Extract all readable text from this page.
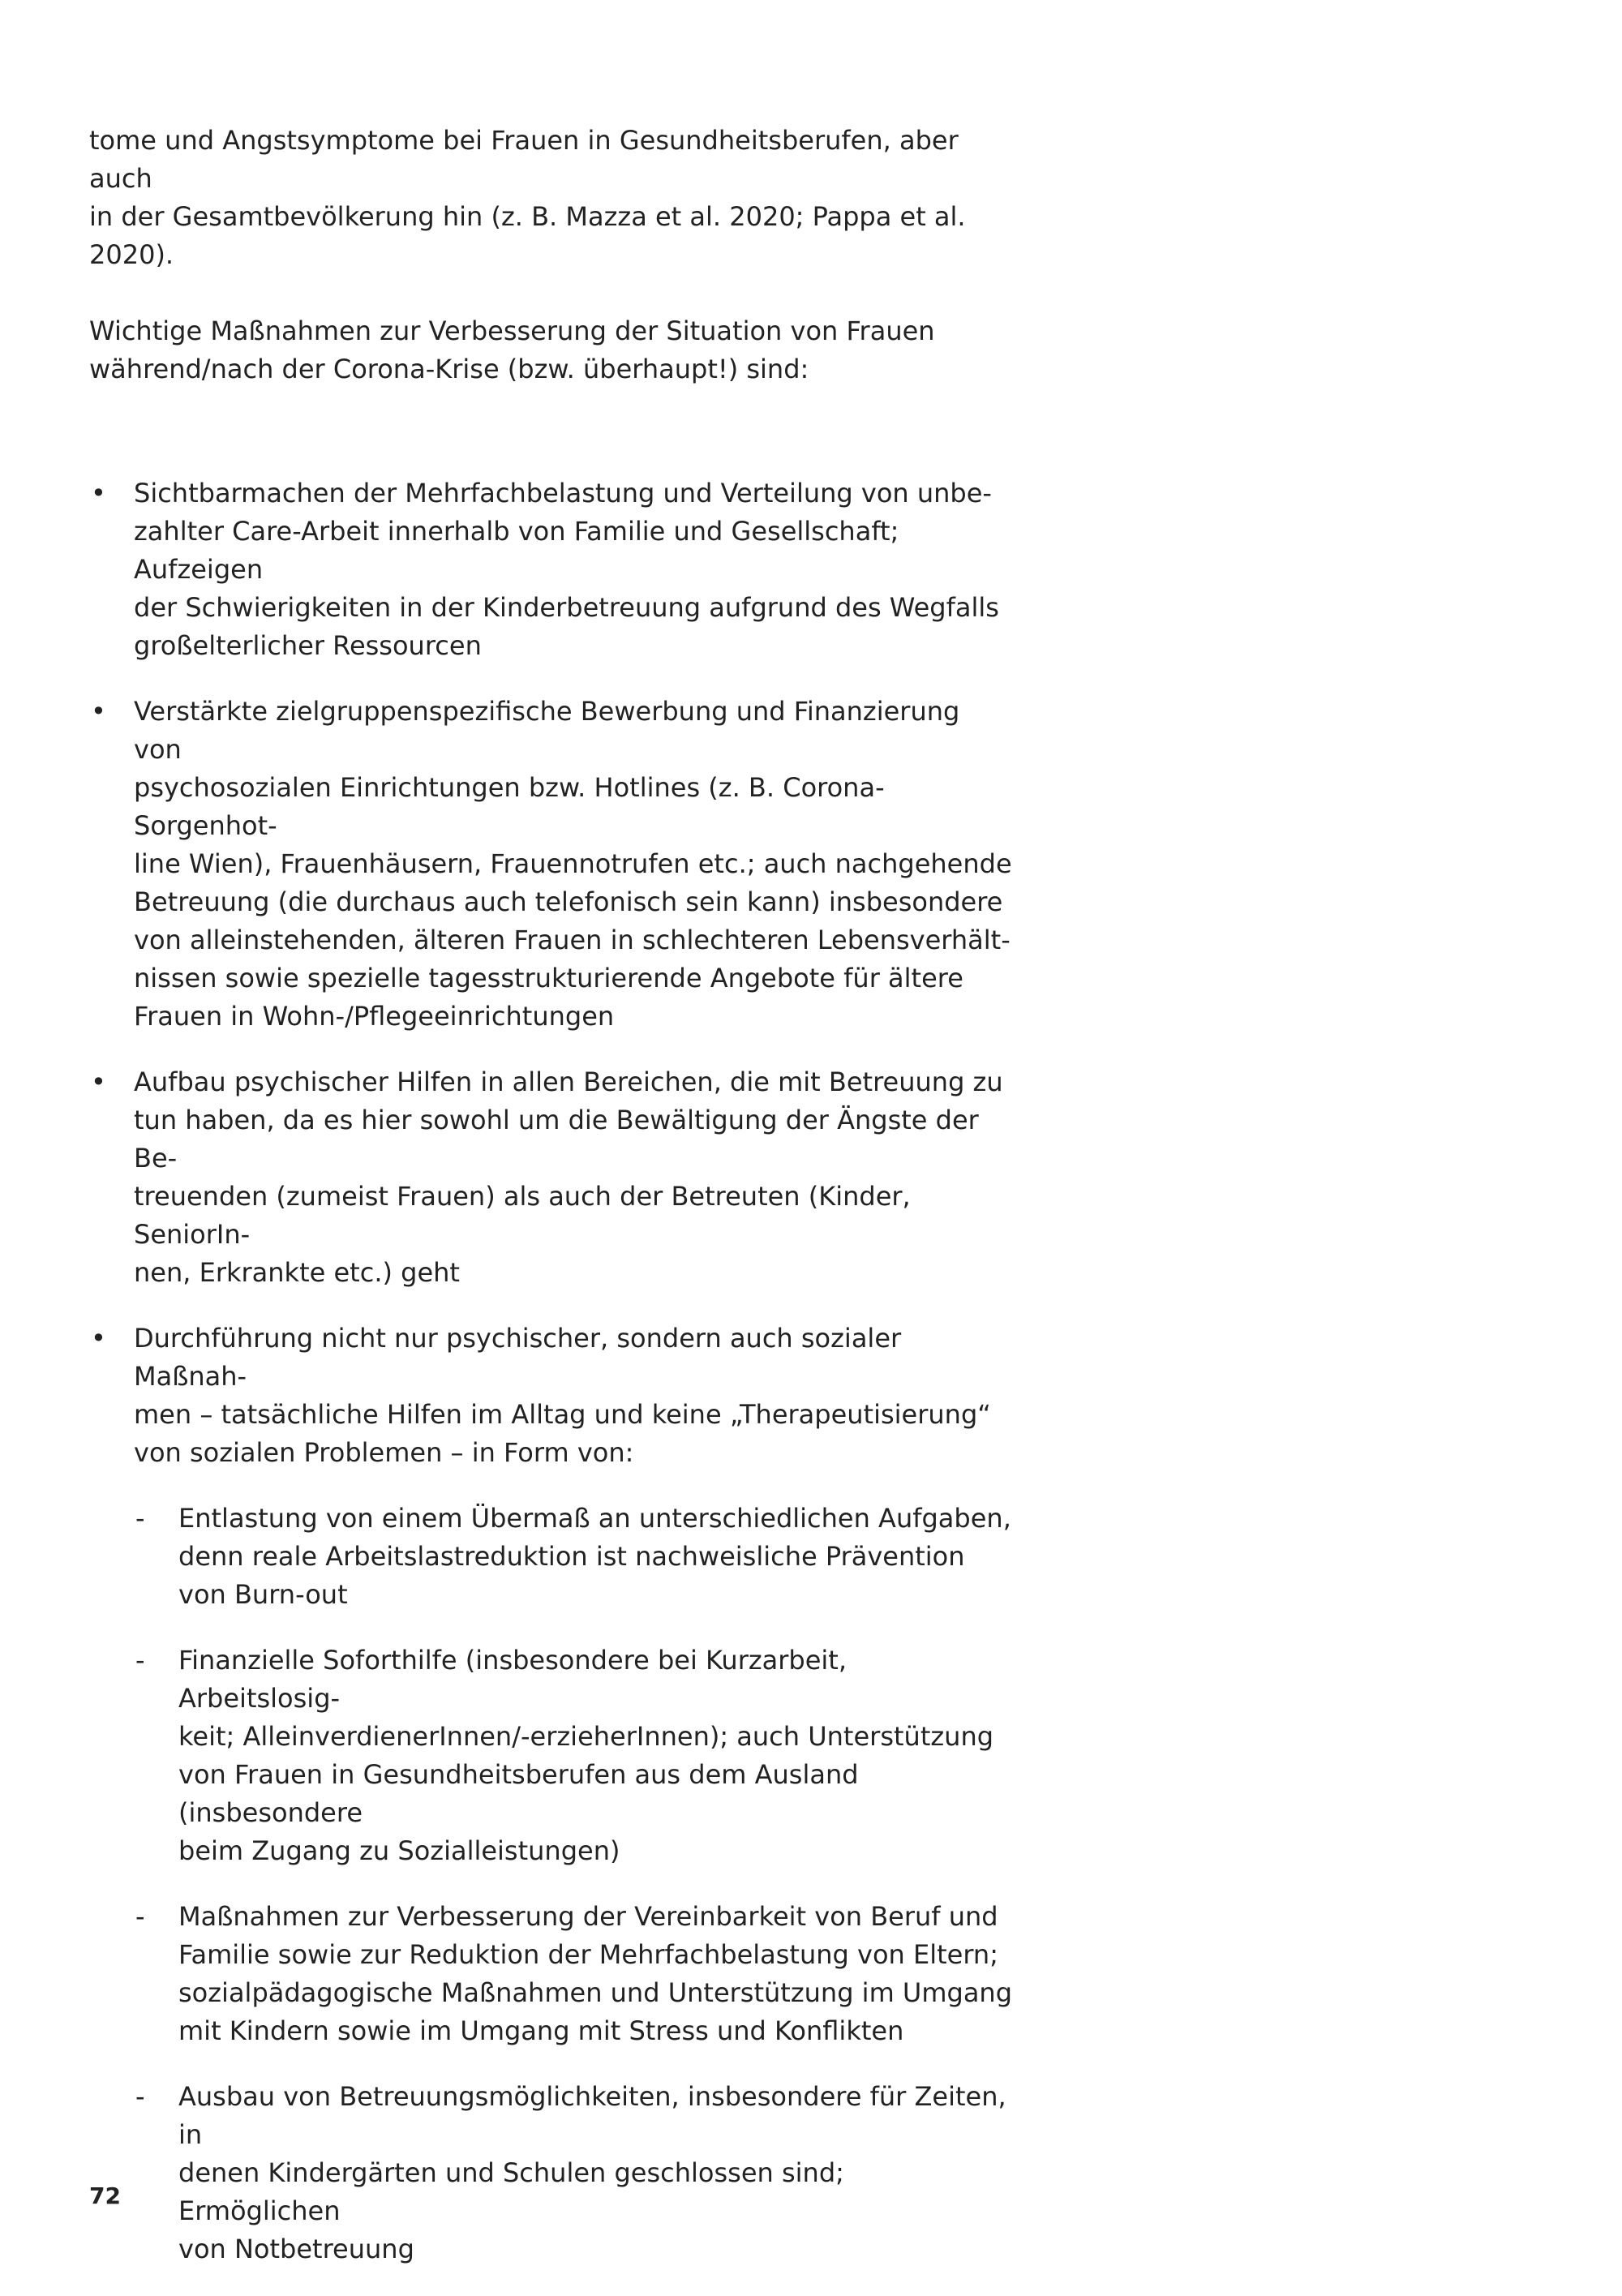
tome und Angstsymptome bei Frauen in Gesundheitsberufen, aber auch
in der Gesamtbevölkerung hin (z. B. Mazza et al. 2020; Pappa et al. 2020).

Wichtige Maßnahmen zur Verbesserung der Situation von Frauen
während/nach der Corona-Krise (bzw. überhaupt!) sind:

• Sichtbarmachen der Mehrfachbelastung und Verteilung von unbe-
zahlter Care-Arbeit innerhalb von Familie und Gesellschaft; Aufzeigen
der Schwierigkeiten in der Kinderbetreuung aufgrund des Wegfalls
großelterlicher Ressourcen
• Verstärkte zielgruppenspezifische Bewerbung und Finanzierung von
psychosozialen Einrichtungen bzw. Hotlines (z. B. Corona-Sorgenhot-
line Wien), Frauenhäusern, Frauennotrufen etc.; auch nachgehende
Betreuung (die durchaus auch telefonisch sein kann) insbesondere
von alleinstehenden, älteren Frauen in schlechteren Lebensverhält-
nissen sowie spezielle tagesstrukturierende Angebote für ältere
Frauen in Wohn-/Pflegeeinrichtungen
• Aufbau psychischer Hilfen in allen Bereichen, die mit Betreuung zu
tun haben, da es hier sowohl um die Bewältigung der Ängste der Be-
treuenden (zumeist Frauen) als auch der Betreuten (Kinder, SeniorIn-
nen, Erkrankte etc.) geht
• Durchführung nicht nur psychischer, sondern auch sozialer Maßnah-
men – tatsächliche Hilfen im Alltag und keine „Therapeutisierung“
von sozialen Problemen – in Form von:
- Entlastung von einem Übermaß an unterschiedlichen Aufgaben,
denn reale Arbeitslastreduktion ist nachweisliche Prävention
von Burn-out
- Finanzielle Soforthilfe (insbesondere bei Kurzarbeit, Arbeitslosig-
keit; AlleinverdienerInnen/-erzieherInnen); auch Unterstützung
von Frauen in Gesundheitsberufen aus dem Ausland (insbesondere
beim Zugang zu Sozialleistungen)
- Maßnahmen zur Verbesserung der Vereinbarkeit von Beruf und
Familie sowie zur Reduktion der Mehrfachbelastung von Eltern;
sozialpädagogische Maßnahmen und Unterstützung im Umgang
mit Kindern sowie im Umgang mit Stress und Konflikten
- Ausbau von Betreuungsmöglichkeiten, insbesondere für Zeiten, in
denen Kindergärten und Schulen geschlossen sind; Ermöglichen
von Notbetreuung
72
